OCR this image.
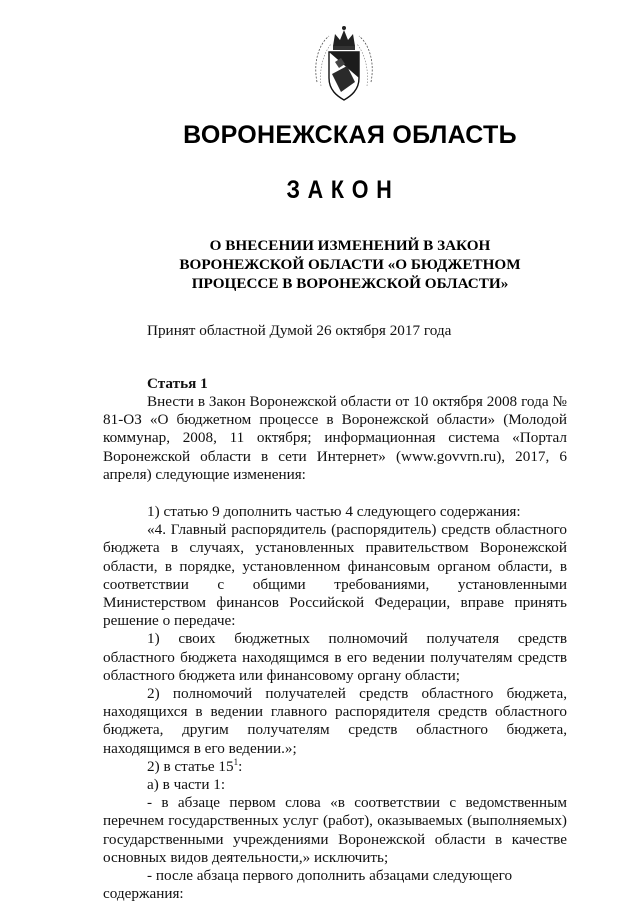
ВОРОНЕЖСКАЯ ОБЛАСТЬ
ЗАКОН
О ВНЕСЕНИИ ИЗМЕНЕНИЙ В ЗАКОН
ВОРОНЕЖСКОЙ ОБЛАСТИ «О БЮДЖЕТНОМ
ПРОЦЕССЕ В ВОРОНЕЖСКОЙ ОБЛАСТИ»
Принят областной Думой 26 октября 2017 года
Статья 1

Внести в Закон Воронежской области от 10 октября 2008 года № 81-ОЗ «О бюджетном процессе в Воронежской области» (Молодой коммунар, 2008, 11 октября; информационная система «Портал Воронежской области в сети Интернет» (www.govvrn.ru), 2017, 6 апреля) следующие изменения:

1) статью 9 дополнить частью 4 следующего содержания:

«4. Главный распорядитель (распорядитель) средств областного бюджета в случаях, установленных правительством Воронежской области, в порядке, установленном финансовым органом области, в соответствии с общими требованиями, установленными Министерством финансов Российской Федерации, вправе принять решение о передаче:

1) своих бюджетных полномочий получателя средств областного бюджета находящимся в его ведении получателям средств областного бюджета или финансовому органу области;

2) полномочий получателей средств областного бюджета, находящихся в ведении главного распорядителя средств областного бюджета, другим получателям средств областного бюджета, находящимся в его ведении.»;

2) в статье $15^1$:

а) в части 1:

- в абзаце первом слова «в соответствии с ведомственным перечнем государственных услуг (работ), оказываемых (выполняемых) государственными учреждениями Воронежской области в качестве основных видов деятельности,» исключить;

- после абзаца первого дополнить абзацами следующего содержания:
